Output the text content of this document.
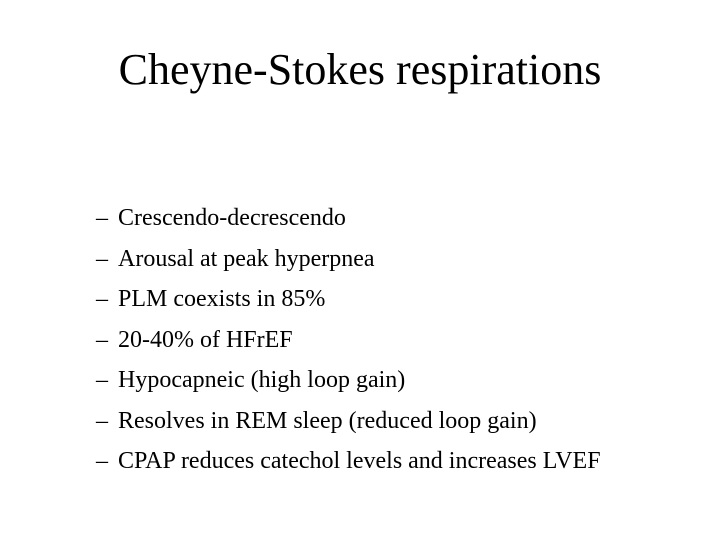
Cheyne-Stokes respirations
– Crescendo-decrescendo
– Arousal at peak hyperpnea
– PLM coexists in 85%
– 20-40% of HFrEF
– Hypocapneic (high loop gain)
– Resolves in REM sleep (reduced loop gain)
– CPAP reduces catechol levels and increases LVEF
